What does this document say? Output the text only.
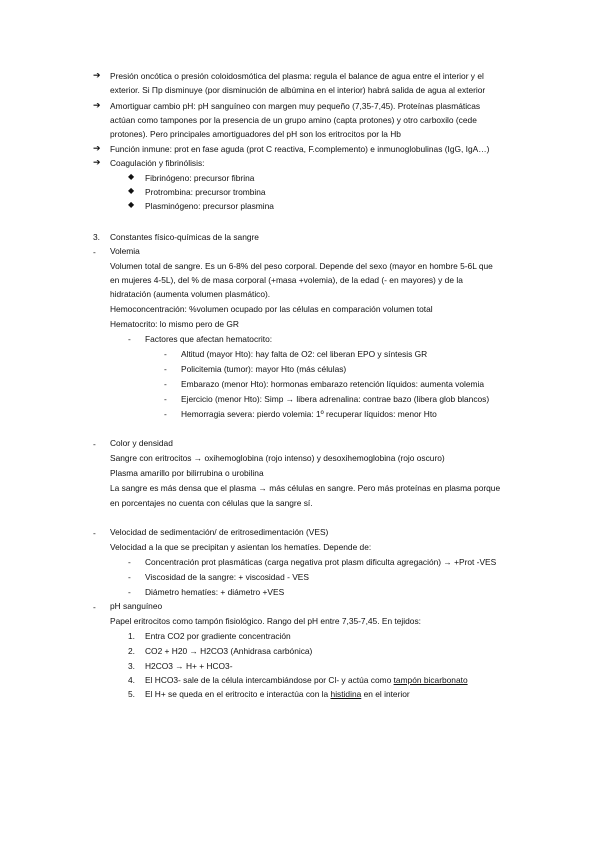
➔ Presión oncótica o presión coloidosmótica del plasma: regula el balance de agua entre el interior y el
exterior. Si Πp disminuye (por disminución de albúmina en el interior) habrá salida de agua al exterior
➔ Amortiguar cambio pH: pH sanguíneo con margen muy pequeño (7,35-7,45). Proteínas plasmáticas
actúan como tampones por la presencia de un grupo amino (capta protones) y otro carboxilo (cede
protones). Pero principales amortiguadores del pH son los eritrocitos por la Hb
➔ Función inmune: prot en fase aguda (prot C reactiva, F.complemento) e inmunoglobulinas (IgG, IgA…)
➔ Coagulación y fibrinólisis:
◆ Fibrinógeno: precursor fibrina
◆ Protrombina: precursor trombina
◆ Plasminógeno: precursor plasmina
3. Constantes físico-químicas de la sangre
- Volemia
Volumen total de sangre. Es un 6-8% del peso corporal. Depende del sexo (mayor en hombre 5-6L que
en mujeres 4-5L), del % de masa corporal (+masa +volemia), de la edad (- en mayores) y de la
hidratación (aumenta volumen plasmático).
Hemoconcentración: %volumen ocupado por las células en comparación volumen total
Hematocrito: lo mismo pero de GR
- Factores que afectan hematocrito:
- Altitud (mayor Hto): hay falta de O2: cel liberan EPO y síntesis GR
- Policitemia (tumor): mayor Hto (más células)
- Embarazo (menor Hto): hormonas embarazo retención líquidos: aumenta volemia
- Ejercicio (menor Hto): Simp → libera adrenalina: contrae bazo (libera glob blancos)
- Hemorragia severa: pierdo volemia: 1º recuperar líquidos: menor Hto
- Color y densidad
Sangre con eritrocitos → oxihemoglobina (rojo intenso) y desoxihemoglobina (rojo oscuro)
Plasma amarillo por bilirrubina o urobilina
La sangre es más densa que el plasma → más células en sangre. Pero más proteínas en plasma porque
en porcentajes no cuenta con células que la sangre sí.
- Velocidad de sedimentación/ de eritrosedimentación (VES)
Velocidad a la que se precipitan y asientan los hematíes. Depende de:
- Concentración prot plasmáticas (carga negativa prot plasm dificulta agregación) → +Prot -VES
- Viscosidad de la sangre: + viscosidad - VES
- Diámetro hematíes: + diámetro +VES
- pH sanguíneo
Papel eritrocitos como tampón fisiológico. Rango del pH entre 7,35-7,45. En tejidos:
1. Entra CO2 por gradiente concentración
2. CO2 + H20 → H2CO3 (Anhidrasa carbónica)
3. H2CO3 → H+ + HCO3-
4. El HCO3- sale de la célula intercambiándose por Cl- y actúa como tampón bicarbonato
5. El H+ se queda en el eritrocito e interactúa con la histidina en el interior
